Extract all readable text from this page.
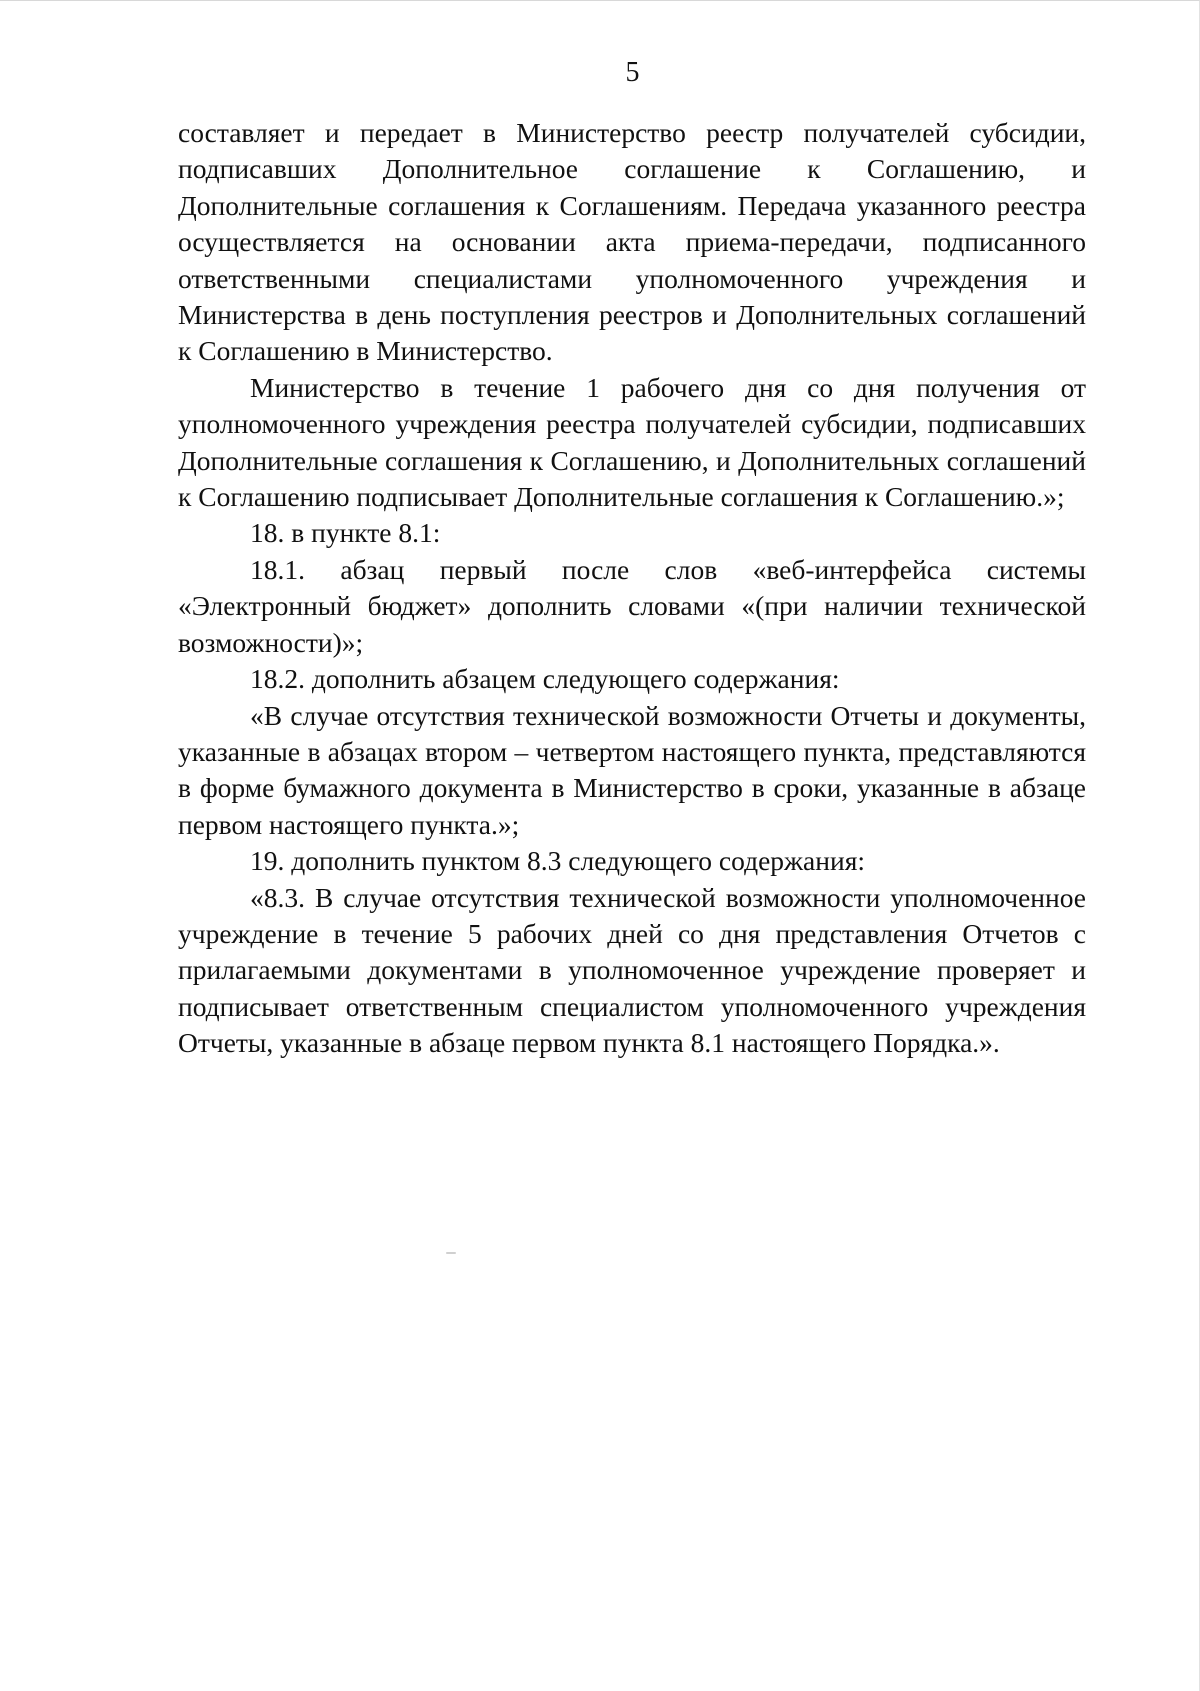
5

составляет и передает в Министерство реестр получателей субсидии, подписавших Дополнительное соглашение к Соглашению, и Дополнительные соглашения к Соглашениям. Передача указанного реестра осуществляется на основании акта приема-передачи, подписанного ответственными специалистами уполномоченного учреждения и Министерства в день поступления реестров и Дополнительных соглашений к Соглашению в Министерство.

Министерство в течение 1 рабочего дня со дня получения от уполномоченного учреждения реестра получателей субсидии, подписавших Дополнительные соглашения к Соглашению, и Дополнительных соглашений к Соглашению подписывает Дополнительные соглашения к Соглашению.»;

18. в пункте 8.1:

18.1. абзац первый после слов «веб-интерфейса системы «Электронный бюджет» дополнить словами «(при наличии технической возможности)»;

18.2. дополнить абзацем следующего содержания:

«В случае отсутствия технической возможности Отчеты и документы, указанные в абзацах втором – четвертом настоящего пункта, представляются в форме бумажного документа в Министерство в сроки, указанные в абзаце первом настоящего пункта.»;

19. дополнить пунктом 8.3 следующего содержания:

«8.3. В случае отсутствия технической возможности уполномоченное учреждение в течение 5 рабочих дней со дня представления Отчетов с прилагаемыми документами в уполномоченное учреждение проверяет и подписывает ответственным специалистом уполномоченного учреждения Отчеты, указанные в абзаце первом пункта 8.1 настоящего Порядка.».
